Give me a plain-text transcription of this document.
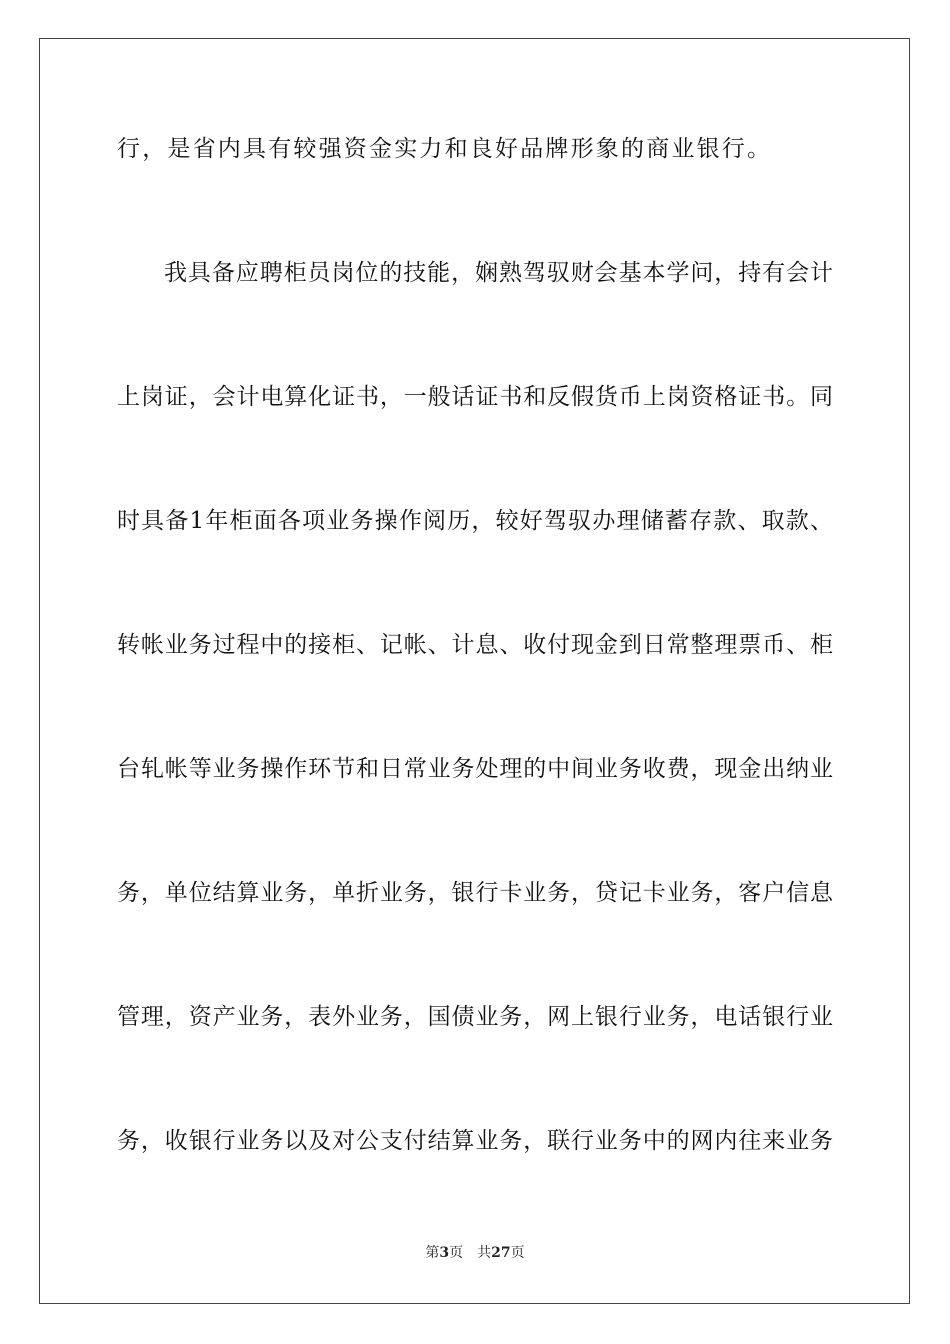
行，是省内具有较强资金实力和良好品牌形象的商业银行。
我具备应聘柜员岗位的技能，娴熟驾驭财会基本学问，持有会计
上岗证，会计电算化证书，一般话证书和反假货币上岗资格证书。同
时具备1年柜面各项业务操作阅历，较好驾驭办理储蓄存款、取款、
转帐业务过程中的接柜、记帐、计息、收付现金到日常整理票币、柜
台轧帐等业务操作环节和日常业务处理的中间业务收费，现金出纳业
务，单位结算业务，单折业务，银行卡业务，贷记卡业务，客户信息
管理，资产业务，表外业务，国债业务，网上银行业务，电话银行业
务，收银行业务以及对公支付结算业务，联行业务中的网内往来业务
第3页 共27页
